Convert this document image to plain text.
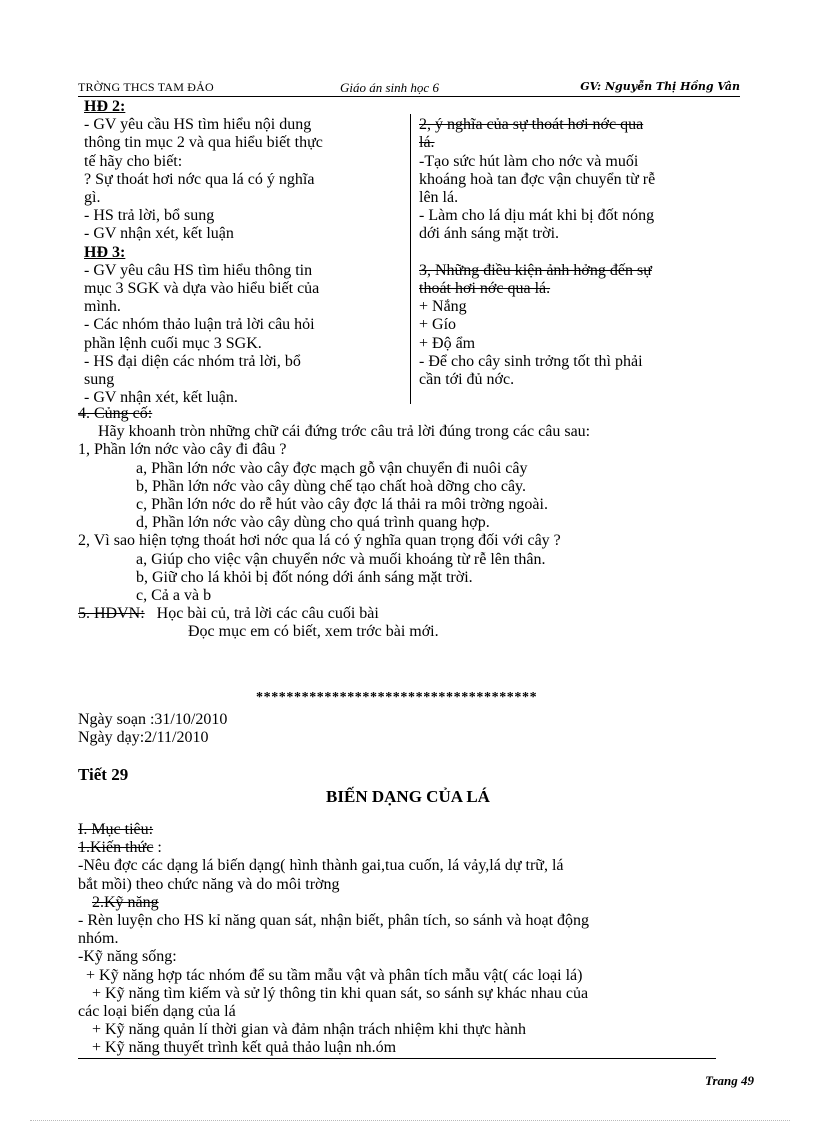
TRỜNG THCS TAM ĐẢO	Giáo án sinh học 6	GV: Nguyễn Thị Hồng Vân
HĐ 2:
- GV yêu cầu HS tìm hiểu nội dung
thông tin mục 2 và qua hiểu biết thực
tế hãy cho biết:
? Sự thoát hơi nớc qua lá có ý nghĩa
gì.
- HS trả lời, bổ sung
- GV nhận xét, kết luận
HĐ 3:
- GV yêu câu HS tìm hiểu thông tin
mục 3 SGK và dựa vào hiểu biết của
mình.
- Các nhóm thảo luận trả lời câu hỏi
phần lệnh cuối mục 3 SGK.
- HS đại diện các nhóm trả lời, bổ
sung
- GV nhận xét, kết luận.

2, ý nghĩa của sự thoát hơi nớc qua
lá.
-Tạo sức hút làm cho nớc và muối
khoáng hoà tan đợc vận chuyển từ rễ
lên lá.
- Làm cho lá dịu mát khi bị đốt nóng
dới ánh sáng mặt trời.

3, Những điều kiện ảnh hởng đến sự
thoát hơi nớc qua lá.
+ Nắng
+ Gío
+ Độ ẩm
- Để cho cây sinh trởng tốt thì phải
cần tới đủ nớc.
4. Củng cố:
Hãy khoanh tròn những chữ cái đứng trớc câu trả lời đúng trong các câu sau:
1, Phần lớn nớc vào cây đi đâu ?
a, Phần lớn nớc vào cây đợc mạch gỗ vận chuyển đi nuôi cây
b, Phần lớn nớc vào cây dùng chế tạo chất hoà dỡng cho cây.
c, Phần lớn nớc do rễ hút vào cây đợc lá thải ra môi trờng ngoài.
d, Phần lớn nớc vào cây dùng cho quá trình quang hợp.
2, Vì sao hiện tợng thoát hơi nớc qua lá có ý nghĩa quan trọng đối với cây ?
a, Giúp cho việc vận chuyển nớc và muối khoáng từ rễ lên thân.
b, Giữ cho lá khỏi bị đốt nóng dới ánh sáng mặt trời.
c, Cả a và b
5. HDVN: Học bài củ, trả lời các câu cuối bài
Đọc mục em có biết, xem trớc bài mới.
*************************************
Ngày soạn :31/10/2010
Ngày dạy:2/11/2010
Tiết 29
BIẾN DẠNG CỦA LÁ
I. Mục tiêu:
1.Kiến thức :
-Nêu đợc các dạng lá biến dạng( hình thành gai,tua cuốn, lá vảy,lá dự trữ, lá
bắt mồi) theo chức năng và do môi trờng
2.Kỹ năng
- Rèn luyện cho HS kỉ năng quan sát, nhận biết, phân tích, so sánh và hoạt động
nhóm.
-Kỹ năng sống:
+ Kỹ năng hợp tác nhóm để su tầm mẫu vật và phân tích mẫu vật( các loại lá)
+ Kỹ năng tìm kiếm và sử lý thông tin khi quan sát, so sánh sự khác nhau của
các loại biến dạng của lá
+ Kỹ năng quản lí thời gian và đảm nhận trách nhiệm khi thực hành
+ Kỹ năng thuyết trình kết quả thảo luận nh.óm
Trang 49
